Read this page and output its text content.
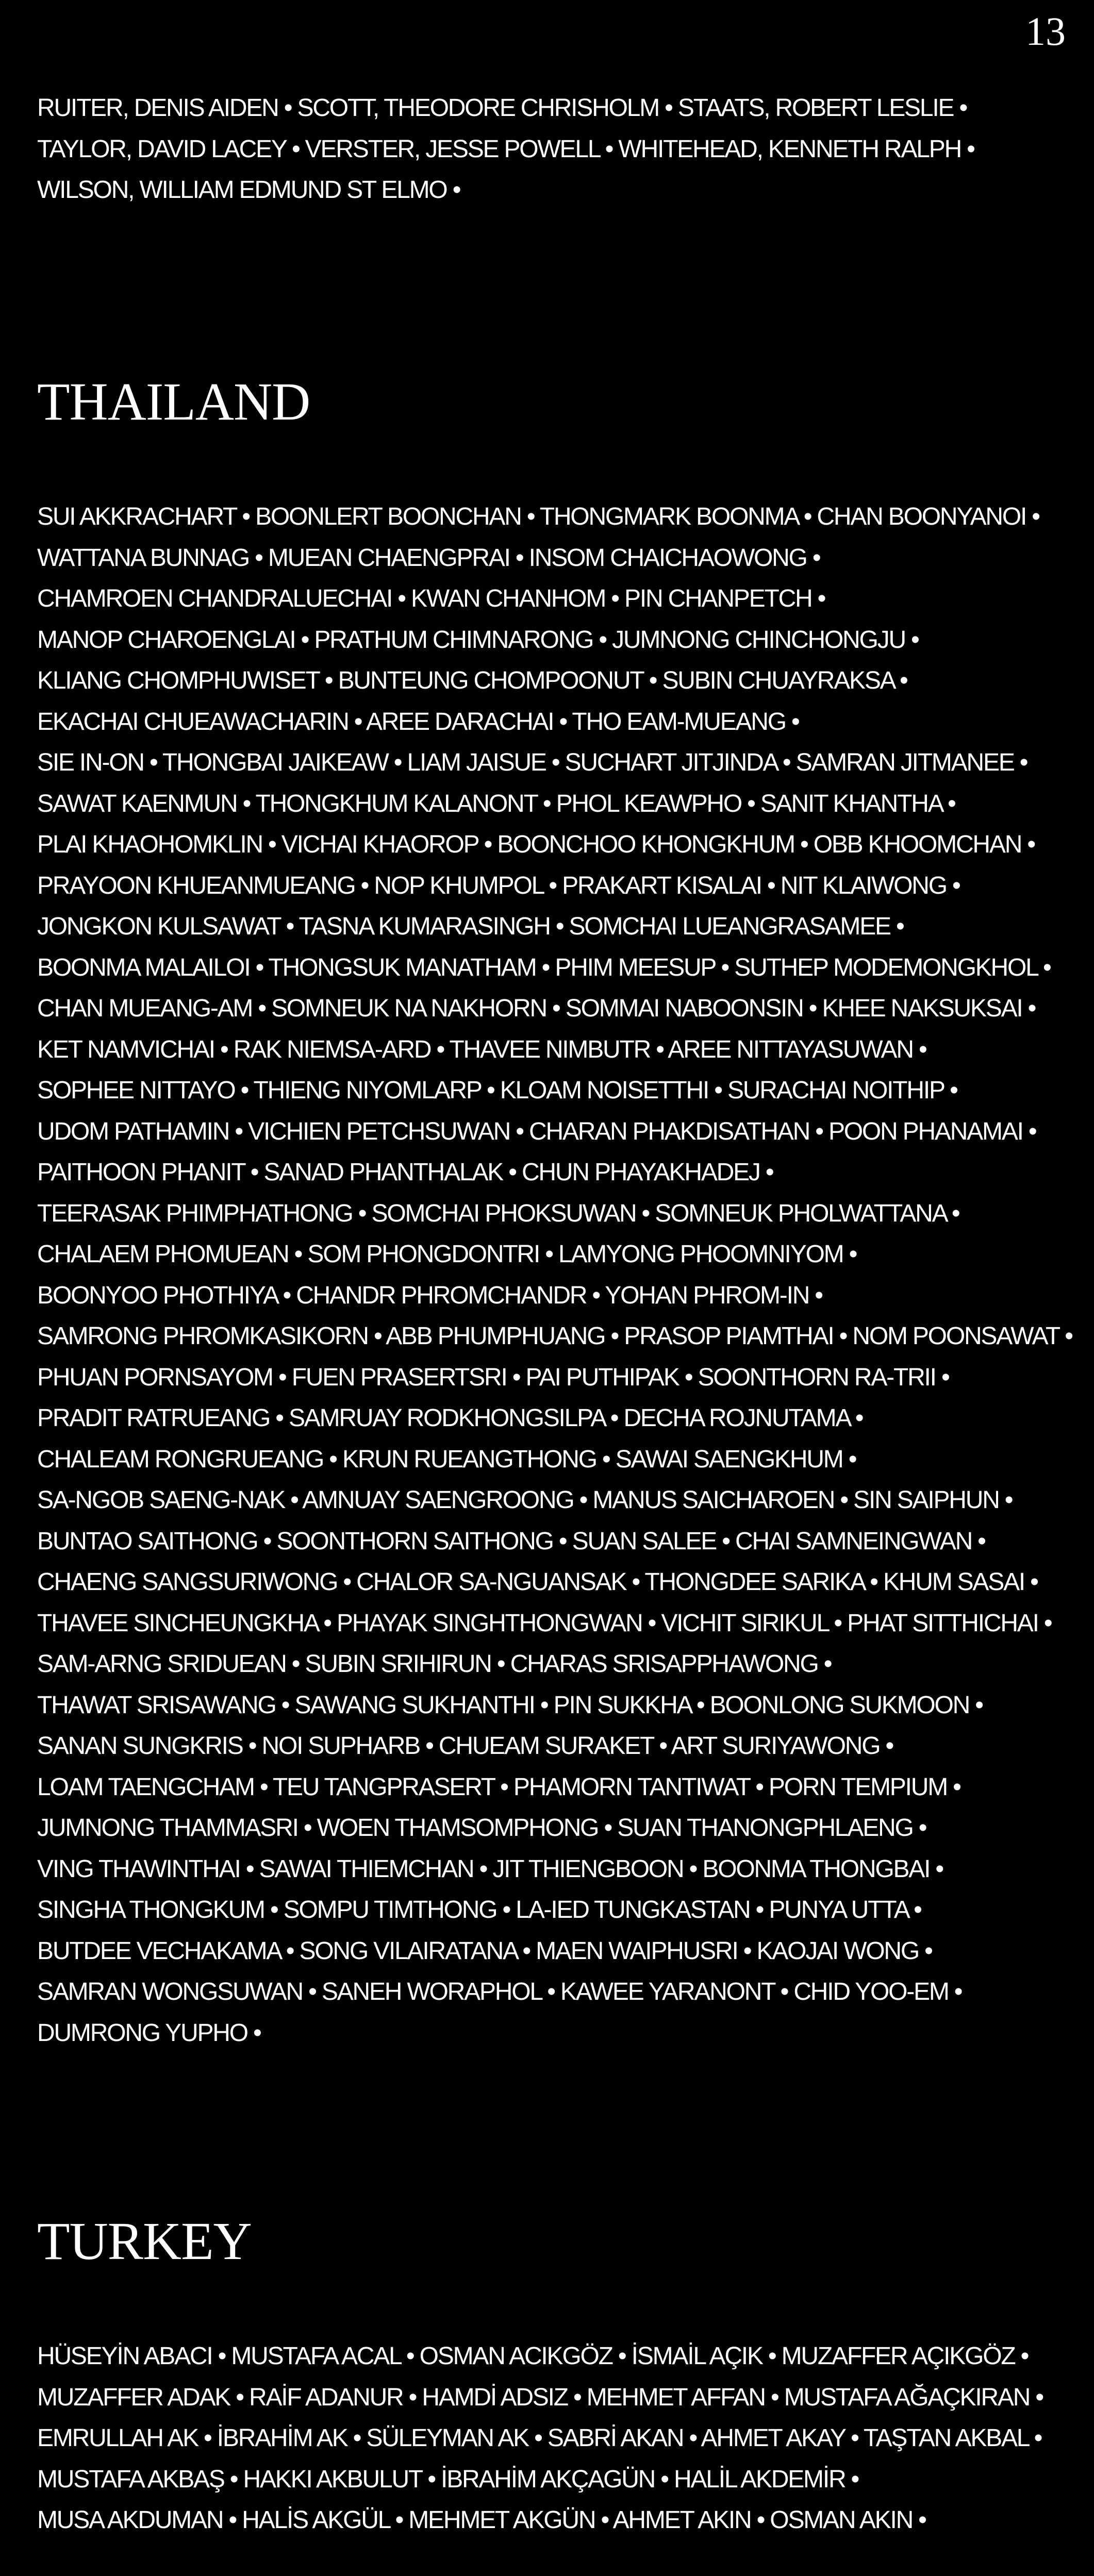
13
RUITER, DENIS AIDEN • SCOTT, THEODORE CHRISHOLM • STAATS, ROBERT LESLIE •
TAYLOR, DAVID LACEY • VERSTER, JESSE POWELL • WHITEHEAD, KENNETH RALPH •
WILSON, WILLIAM EDMUND ST ELMO •
THAILAND
SUI AKKRACHART • BOONLERT BOONCHAN • THONGMARK BOONMA • CHAN BOONYANOI •
WATTANA BUNNAG • MUEAN CHAENGPRAI • INSOM CHAICHAOWONG •
CHAMROEN CHANDRALUECHAI • KWAN CHANHOM • PIN CHANPETCH •
MANOP CHAROENGLAI • PRATHUM CHIMNARONG • JUMNONG CHINCHONGJU •
KLIANG CHOMPHUWISET • BUNTEUNG CHOMPOONUT • SUBIN CHUAYRAKSA •
EKACHAI CHUEAWACHARIN • AREE DARACHAI • THO EAM-MUEANG •
SIE IN-ON • THONGBAI JAIKEAW • LIAM JAISUE • SUCHART JITJINDA • SAMRAN JITMANEE •
SAWAT KAENMUN • THONGKHUM KALANONT • PHOL KEAWPHO • SANIT KHANTHA •
PLAI KHAOHOMKLIN • VICHAI KHAOROP • BOONCHOO KHONGKHUM • OBB KHOOMCHAN •
PRAYOON KHUEANMUEANG • NOP KHUMPOL • PRAKART KISALAI • NIT KLAIWONG •
JONGKON KULSAWAT • TASNA KUMARASINGH • SOMCHAI LUEANGRASAMEE •
BOONMA MALAILOI • THONGSUK MANATHAM • PHIM MEESUP • SUTHEP MODEMONGKHOL •
CHAN MUEANG-AM • SOMNEUK NA NAKHORN • SOMMAI NABOONSIN • KHEE NAKSUKSAI •
KET NAMVICHAI • RAK NIEMSA-ARD • THAVEE NIMBUTR • AREE NITTAYASUWAN •
SOPHEE NITTAYO • THIENG NIYOMLARP • KLOAM NOISETTHI • SURACHAI NOITHIP •
UDOM PATHAMIN • VICHIEN PETCHSUWAN • CHARAN PHAKDISATHAN • POON PHANAMAI •
PAITHOON PHANIT • SANAD PHANTHALAK • CHUN PHAYAKHADEJ •
TEERASAK PHIMPHATHONG • SOMCHAI PHOKSUWAN • SOMNEUK PHOLWATTANA •
CHALAEM PHOMUEAN • SOM PHONGDONTRI • LAMYONG PHOOMNIYOM •
BOONYOO PHOTHIYA • CHANDR PHROMCHANDR • YOHAN PHROM-IN •
SAMRONG PHROMKASIKORN • ABB PHUMPHUANG • PRASOP PIAMTHAI • NOM POONSAWAT •
PHUAN PORNSAYOM • FUEN PRASERTSRI • PAI PUTHIPAK • SOONTHORN RA-TRII •
PRADIT RATRUEANG • SAMRUAY RODKHONGSILPA • DECHA ROJNUTAMA •
CHALEAM RONGRUEANG • KRUN RUEANGTHONG • SAWAI SAENGKHUM •
SA-NGOB SAENG-NAK • AMNUAY SAENGROONG • MANUS SAICHAROEN • SIN SAIPHUN •
BUNTAO SAITHONG • SOONTHORN SAITHONG • SUAN SALEE • CHAI SAMNEINGWAN •
CHAENG SANGSURIWONG • CHALOR SA-NGUANSAK • THONGDEE SARIKA • KHUM SASAI •
THAVEE SINCHEUNGKHA • PHAYAK SINGHTHONGWAN • VICHIT SIRIKUL • PHAT SITTHICHAI •
SAM-ARNG SRIDUEAN • SUBIN SRIHIRUN • CHARAS SRISAPPHAWONG •
THAWAT SRISAWANG • SAWANG SUKHANTHI • PIN SUKKHA • BOONLONG SUKMOON •
SANAN SUNGKRIS • NOI SUPHARB • CHUEAM SURAKET • ART SURIYAWONG •
LOAM TAENGCHAM • TEU TANGPRASERT • PHAMORN TANTIWAT • PORN TEMPIUM •
JUMNONG THAMMASRI • WOEN THAMSOMPHONG • SUAN THANONGPHLAENG •
VING THAWINTHAI • SAWAI THIEMCHAN • JIT THIENGBOON • BOONMA THONGBAI •
SINGHA THONGKUM • SOMPU TIMTHONG • LA-IED TUNGKASTAN • PUNYA UTTA •
BUTDEE VECHAKAMA • SONG VILAIRATANA • MAEN WAIPHUSRI • KAOJAI WONG •
SAMRAN WONGSUWAN • SANEH WORAPHOL • KAWEE YARANONT • CHID YOO-EM •
DUMRONG YUPHO •
TURKEY
HÜSEYİN ABACI • MUSTAFA ACAL • OSMAN ACIKGÖZ • İSMAİL AÇIK • MUZAFFER AÇIKGÖZ •
MUZAFFER ADAK • RAİF ADANUR • HAMDİ ADSIZ • MEHMET AFFAN • MUSTAFA AĞAÇKIRAN •
EMRULLAH AK • İBRAHİM AK • SÜLEYMAN AK • SABRİ AKAN • AHMET AKAY • TAŞTAN AKBAL •
MUSTAFA AKBAŞ • HAKKI AKBULUT • İBRAHİM AKÇAGÜN • HALİL AKDEMİR •
MUSA AKDUMAN • HALİS AKGÜL • MEHMET AKGÜN • AHMET AKIN • OSMAN AKIN •
